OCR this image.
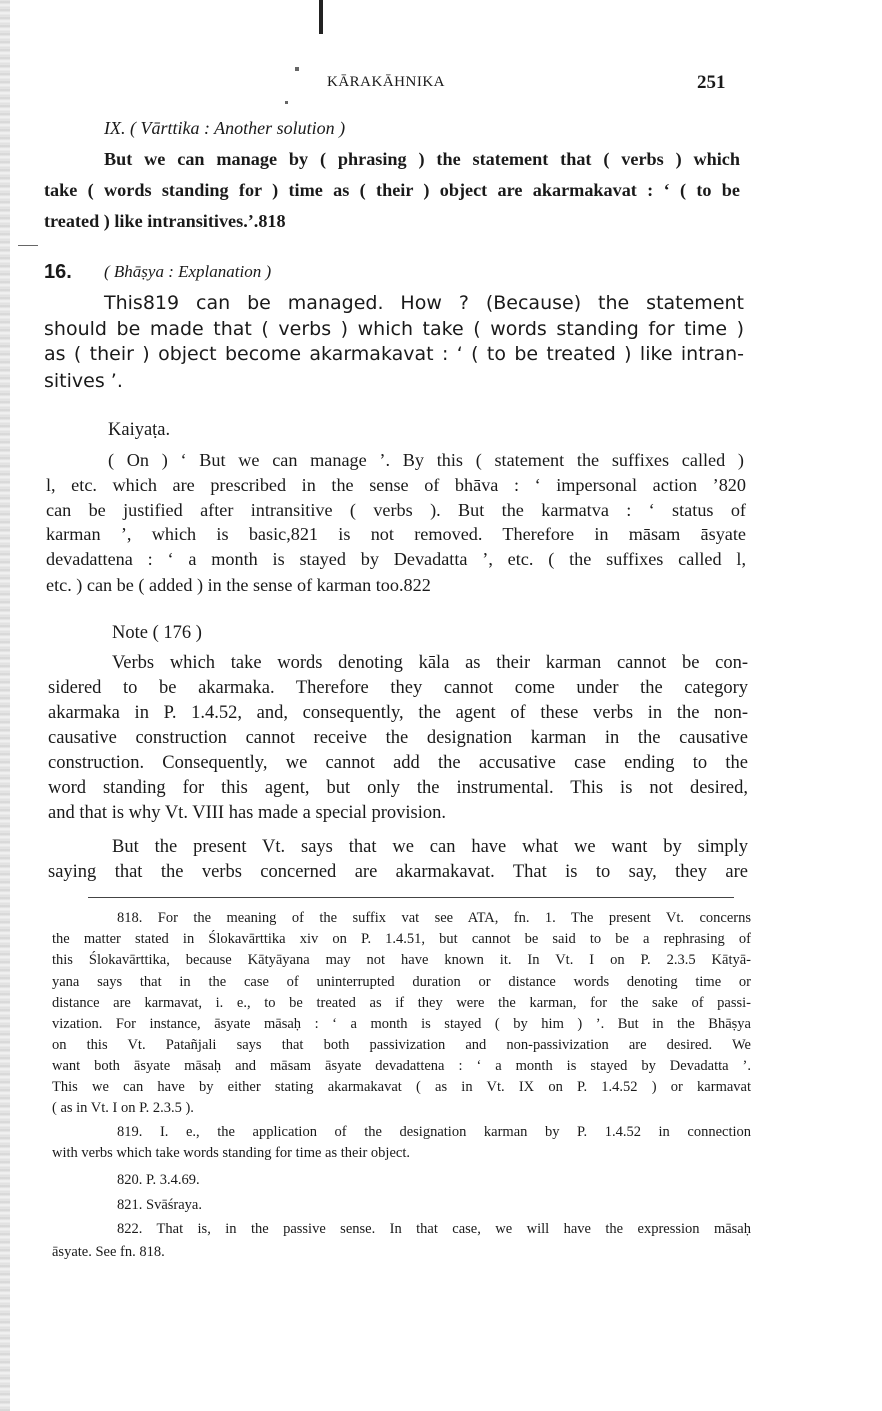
KĀRAKĀHNIKA	251
IX. ( Vārttika : Another solution )
But we can manage by ( phrasing ) the statement that ( verbs ) which
take ( words standing for ) time as ( their ) object are akarmakavat : ‘ ( to be
treated ) like intransitives.’.818
16. ( Bhāṣya : Explanation )
This819 can be managed. How ? (Because) the statement
should be made that ( verbs ) which take ( words standing for time )
as ( their ) object become akarmakavat : ‘ ( to be treated ) like intran-
sitives ’.
Kaiyaṭa.
( On ) ‘ But we can manage ’. By this ( statement the suffixes called )
l, etc. which are prescribed in the sense of bhāva : ‘ impersonal action ’820
can be justified after intransitive ( verbs ). But the karmatva : ‘ status of
karman ’, which is basic,821 is not removed. Therefore in māsam āsyate
devadattena : ‘ a month is stayed by Devadatta ’, etc. ( the suffixes called l,
etc. ) can be ( added ) in the sense of karman too.822
Note ( 176 )
Verbs which take words denoting kāla as their karman cannot be con-
sidered to be akarmaka. Therefore they cannot come under the category
akarmaka in P. 1.4.52, and, consequently, the agent of these verbs in the non-
causative construction cannot receive the designation karman in the causative
construction. Consequently, we cannot add the accusative case ending to the
word standing for this agent, but only the instrumental. This is not desired,
and that is why Vt. VIII has made a special provision.
But the present Vt. says that we can have what we want by simply
saying that the verbs concerned are akarmakavat. That is to say, they are
818. For the meaning of the suffix vat see ATA, fn. 1. The present Vt. concerns
the matter stated in Ślokavārttika xiv on P. 1.4.51, but cannot be said to be a rephrasing of
this Ślokavārttika, because Kātyāyana may not have known it. In Vt. I on P. 2.3.5 Kātyā-
yana says that in the case of uninterrupted duration or distance words denoting time or
distance are karmavat, i. e., to be treated as if they were the karman, for the sake of passi-
vization. For instance, āsyate māsaḥ : ‘ a month is stayed ( by him ) ’. But in the Bhāṣya
on this Vt. Patañjali says that both passivization and non-passivization are desired. We
want both āsyate māsaḥ and māsam āsyate devadattena : ‘ a month is stayed by Devadatta ’.
This we can have by either stating akarmakavat ( as in Vt. IX on P. 1.4.52 ) or karmavat
( as in Vt. I on P. 2.3.5 ).
819. I. e., the application of the designation karman by P. 1.4.52 in connection
with verbs which take words standing for time as their object.
820. P. 3.4.69.
821. Svāśraya.
822. That is, in the passive sense. In that case, we will have the expression māsaḥ
āsyate. See fn. 818.
